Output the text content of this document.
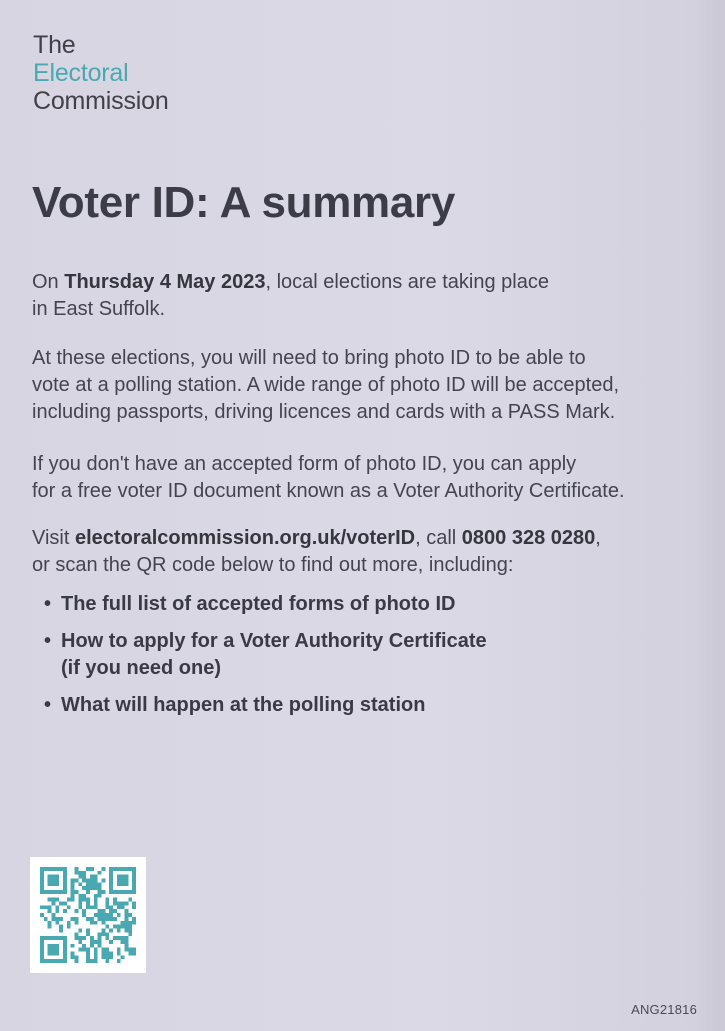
The
Electoral
Commission
Voter ID: A summary

On Thursday 4 May 2023, local elections are taking place
in East Suffolk.

At these elections, you will need to bring photo ID to be able to
vote at a polling station. A wide range of photo ID will be accepted,
including passports, driving licences and cards with a PASS Mark.

If you don't have an accepted form of photo ID, you can apply
for a free voter ID document known as a Voter Authority Certificate.

Visit electoralcommission.org.uk/voterID, call 0800 328 0280,
or scan the QR code below to find out more, including:

• The full list of accepted forms of photo ID
• How to apply for a Voter Authority Certificate
(if you need one)
• What will happen at the polling station
ANG21816
